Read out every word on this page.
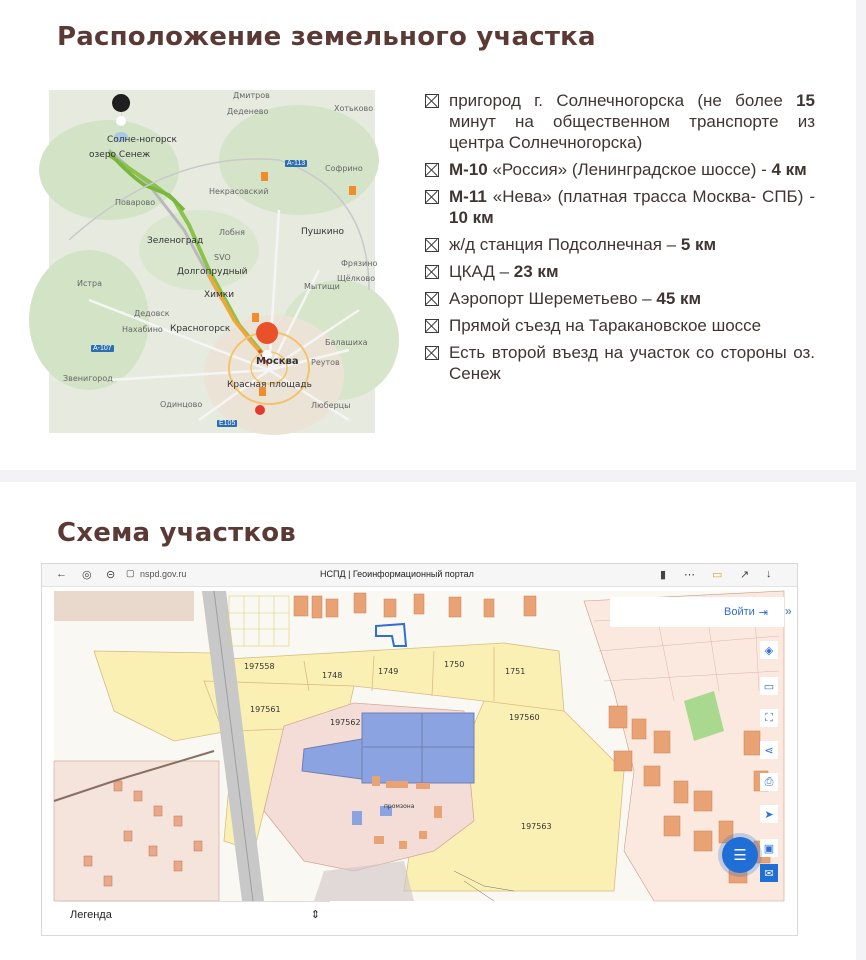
Расположение земельного участка
Солне-ногорск
озеро Сенеж
Поварово
Зеленоград
Долгопрудный
Химки
Лобня
Некрасовский
Пушкино
Софрино
Хотьково
Деденево
Дмитров
Истра
Дедовск
Нахабино Красногорск
Москва
Красная площадь
Звенигород
Одинцово	Люберцы
Реутов
Балашиха
Мытищи
Щёлково
Фрязино
SVO
A-107
A-113
E105
пригород г. Солнечногорска (не более 15 минут на общественном транспорте из центра Солнечногорска)
М-10 «Россия» (Ленинградское шоссе) - 4 км
М-11 «Нева» (платная трасса Москва- СПБ) - 10 км
ж/д станция Подсолнечная – 5 км
ЦКАД – 23 км
Аэропорт Шереметьево – 45 км
Прямой съезд на Таракановское шоссе
Есть второй въезд на участок со стороны оз. Сенеж
Схема участков
← ◎ ⊝ ▢ nspd.gov.ru	НСПД | Геоинформационный портал	▮ ⋯ ▭ ↗ ↓
197558
1748	1749
1750
1751
197561
197562
197560
197563
промзона
»
Войти ⇥
◈
▭
⛶
⋖
⎙
➤
▣
✉
☰
Легенда	⇕
